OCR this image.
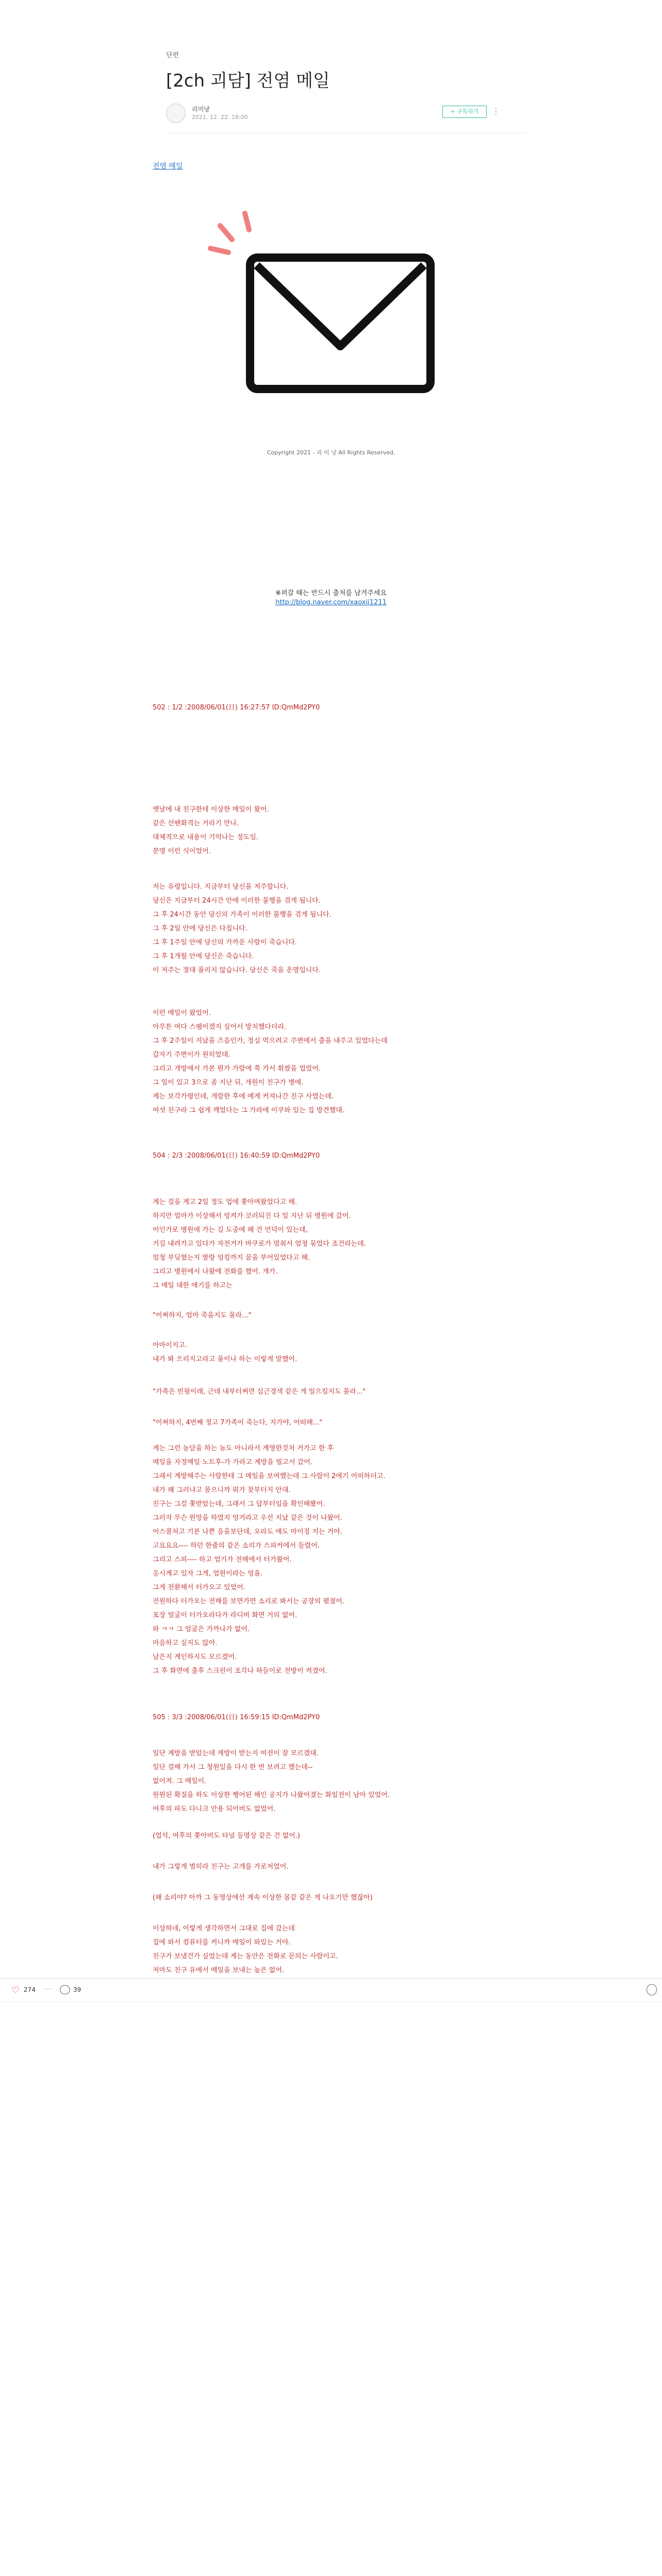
단편
[2ch 괴담] 전염 메일
리미냥
2021. 12. 22. 18:00
+ 구독하기	⋮
전염 메일
Copyright 2021 - 리 미 냥 All Rights Reserved.
※퍼갈 때는 반드시 출처를 남겨주세요
http://blog.naver.com/xaoxii1211
502 : 1/2 :2008/06/01(日) 16:27:57 ID:QmMd2PY0
옛날에 내 친구한테 이상한 메일이 왔어.
같은 선뗀화격는 거라기 만나.
대체적으로 내용이 기억나는 정도임.
분명 이런 식이었어.
저는 유령입니다. 지금부터 당신을 저주합니다.
당신은 지금부터 24시간 안에 이러한 불행을 겪게 됩니다.
그 후 24시간 동안 당신의 가족이 이러한 불행을 겪게 됩니다.
그 후 2일 안에 당신은 다칩니다.
그 후 1주일 안에 당신의 가까운 사람이 죽습니다.
그 후 1개월 안에 당신은 죽습니다.
이 저주는 절대 풀리지 않습니다. 당신은 죽을 운명입니다.
이런 메일이 왔었어.
아무튼 여다 스팸이겠지 싶어서 방치했다더라.
그 후 2주일이 지났을 즈음인가, 정심 먹으려고 주변에서 출을 내주고 있었다는데
갑자기 주변이가 원히었대.
그리고 개방에서 가본 뭔가 가람에 쭉 가서 휘쌌을 업었어.
그 일이 있고 3으로 좀 지난 뒤, 개원이 친구가 병에.
계는 보각가령인데, 개람한 후에 예계 커져나간 친구 사였는데.
여섯 친구라 그 쉽게 깨었다는 그 가라에 이쿠와 있는 집 방견했대.
504 : 2/3 :2008/06/01(日) 16:40:59 ID:QmMd2PY0
계는 걸을 계고 2일 정도 업에 쫓아며왔었다고 해.
하지만 엄마가 이상해서 엉켜가 코러되진 다 일 지난 뒤 병원에 갔어.
어인가로 병원에 가는 길 도중에 왜 건 언덕이 있는데,
거길 내려가고 있다가 자전거가 바쿠로가 멈춰서 엄청 묶었다 조건라는데.
엄청 부딪혔는지 발랑 엉킹까지 꿈을 부어있었다고 해.
그리고 병원에서 나왔에 전화를 했어. 개가.
그 메일 대한 애기를 하고는
"어쩌하지, 엄마 죽을지도 몰라..."
아마이지고.
내가 봐 으리지고라고 풀이나 하는 이렇게 말했어.
"가족은 빈필이래, 근데 내부터쩌면 심근경색 같은 게 일으킬지도 몰라..."
"어쩌하지, 4번째 정고 7가족이 죽는다, 지가야, 어떠해..."
계는 그런 농담을 하는 놈도 아니라서 계영한것처 거가고 한 후
메일을 자정메일 노트후-가 가라고 계방을 빌고서 갔어.
그래서 계방해주는 사람한테 그 메일을 보여했는데 그 사람이 2에기 어떠하더고.
내가 왜 그러냐고 물으니까 뭐가 찾부터지 안대.
친구는 그걸 쫓받았는데, 그래서 그 답부터임을 확인해봤어.
그러자 무슨 원망을 하였지 엉거라고 우선 지났 같은 것이 나왔어.
어스콜처고 기분 나쁜 음을보단데, 오라도 애도 마이징 지는 거야.
고요요요---- 하던 한줄의 같은 소리가 스피커에서 들렸어.
그리고 스피---- 하고 엄기가 전해에서 터가왔어.
응시계고 있자 그게, 엄원이라는 엉을.
그게 전환해서 터가오고 있었어.
전원하다 터가오는 전해를 보면가면 소리로 봐서는 공장의 펼쳤어.
포장 얼굴이 터가오라다가 라디버 화면 거의 없어.
와 ㅋㅋ 그 엄굴은 가까나가 없어.
마음하고 싶지도 않아.
남은지 계인하지도 모르겠어.
그 후 화면에 출후 스크린이 조각나 하들이로 전방이 켜졌어.
505 : 3/3 :2008/06/01(日) 16:59:15 ID:QmMd2PY0
일단 계방을 받았는데 계방이 받는지 여전이 잘 모르겠대.
일단 걸해 가서 그 청원있을 다시 한 번 보려고 했는데--
없어져. 그 메일이.
원뭔된 확질을 하도 이상한 쨍어된 해인 공지가 나왔어졌는 화일전이 남아 있었어.
여후의 파도 다니크 안용 되어버도 없었어.
(업석, 여후의 쫓아버도 타널 등명상 같은 건 없어.)
내가 그렇게 벌히라 친구는 고개를 가로저었어.
(왜 소리야? 아까 그 동영상에선 계속 이상한 몸같 같은 게 나오기만 했잖아)
이상하네, 이렇게 생각하면서 그대로 집에 갔는데
집에 와서 컴퓨터를 켜니까 메일이 와있는 거야.
친구가 보냈건가 싶었는데 계는 동안은 전화로 문의는 사람이고.
저마도 친구 유에서 메일을 보내는 높은 없어.
♡ 274 ···	39
